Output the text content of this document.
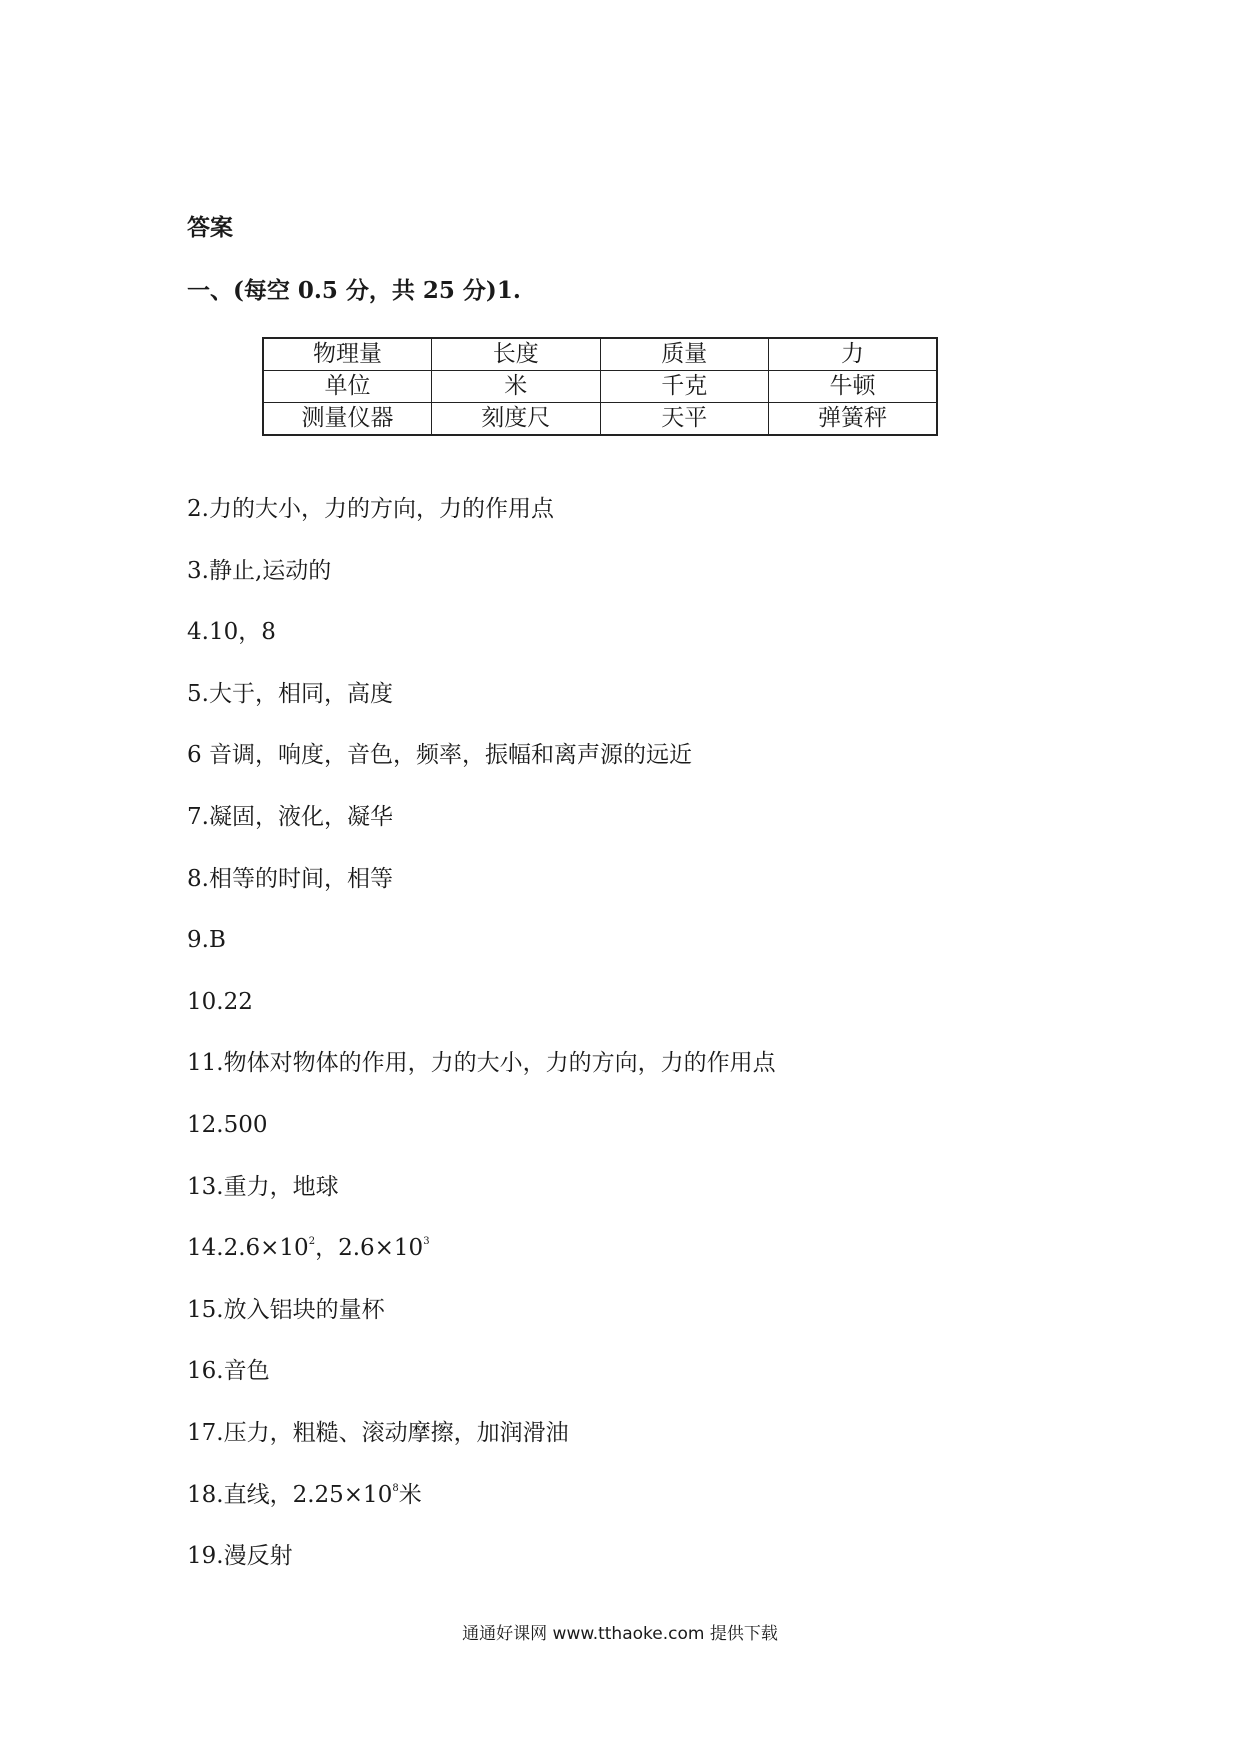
答案
一、(每空 0.5 分，共 25 分)1.
物理量	长度	质量	力
单位	米	千克	牛顿
测量仪器	刻度尺	天平	弹簧秤
2.力的大小，力的方向，力的作用点
3.静止,运动的
4.10，8
5.大于，相同，高度
6 音调，响度，音色，频率，振幅和离声源的远近
7.凝固，液化，凝华
8.相等的时间，相等
9.B
10.22
11.物体对物体的作用，力的大小，力的方向，力的作用点
12.500
13.重力，地球
$14.2.6\times 10^2$，$2.6\times 10^3$
15.放入铝块的量杯
16.音色
17.压力，粗糙、滚动摩擦，加润滑油
18.直线，$2.25\times 10^8$米
19.漫反射
通通好课网 www.tthaoke.com 提供下载
